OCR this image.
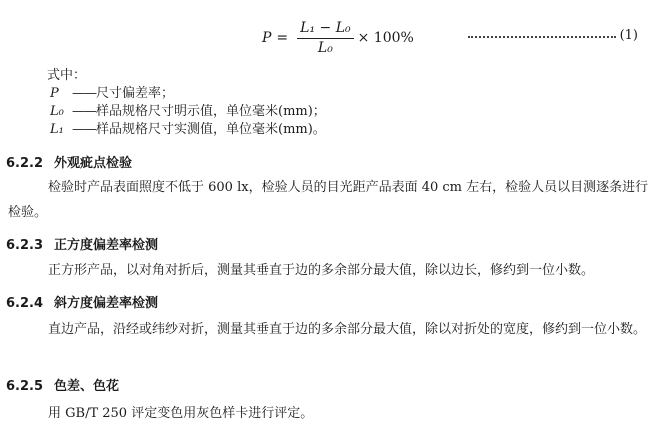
$P = \frac{\text{L₁ − L₀}}{\text{L₀}} \times 100\%$	(1)
式中：
P ——尺寸偏差率；
L₀ ——样品规格尺寸明示值，单位毫米(mm)；
L₁ ——样品规格尺寸实测值，单位毫米(mm)。
6.2.2 外观疵点检验
检验时产品表面照度不低于 600 lx，检验人员的目光距产品表面 40 cm 左右，检验人员以目测逐条进行检验。
6.2.3 正方度偏差率检测
正方形产品，以对角对折后，测量其垂直于边的多余部分最大值，除以边长，修约到一位小数。
6.2.4 斜方度偏差率检测
直边产品，沿经或纬纱对折，测量其垂直于边的多余部分最大值，除以对折处的宽度，修约到一位小数。
6.2.5 色差、色花
用 GB/T 250 评定变色用灰色样卡进行评定。
